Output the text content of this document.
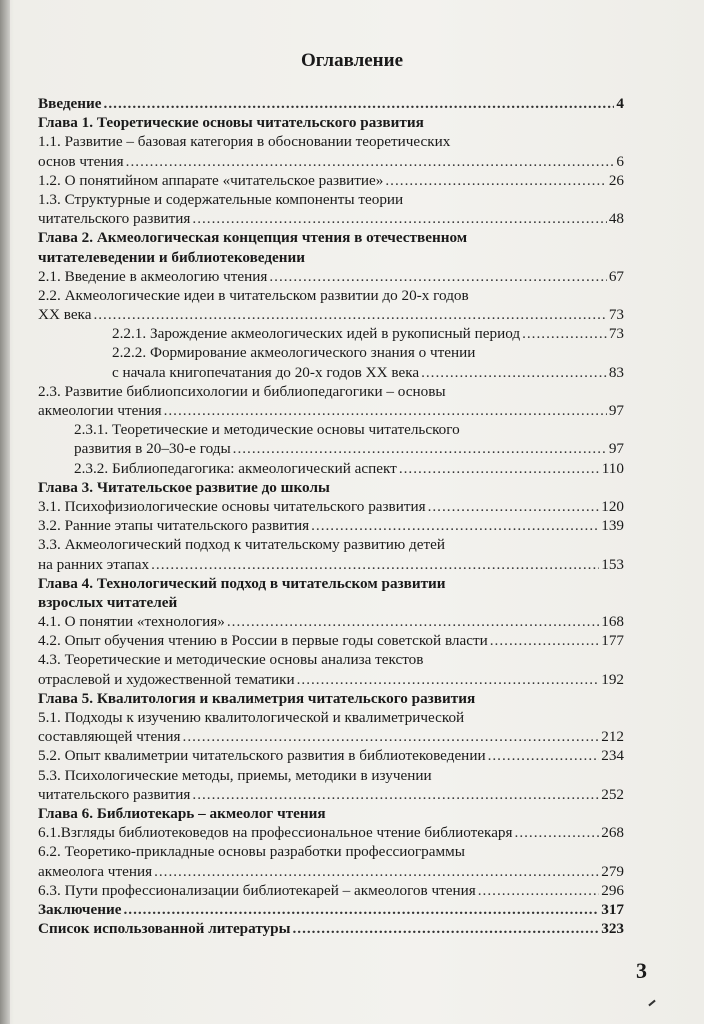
Оглавление
Введение .....	4
Глава 1. Теоретические основы читательского развития
1.1. Развитие – базовая категория в обосновании теоретических
основ чтения .....	6
1.2. О понятийном аппарате «читательское развитие» .....	26
1.3. Структурные и содержательные компоненты теории
читательского развития .....	48
Глава 2. Акмеологическая концепция чтения в отечественном
читателеведении и библиотековедении
2.1. Введение в акмеологию чтения .....	67
2.2. Акмеологические идеи в читательском развитии до 20-х годов
XX века .....	73
2.2.1. Зарождение акмеологических идей в рукописный период .....	73
2.2.2. Формирование акмеологического знания о чтении
с начала книгопечатания до 20-х годов XX века .....	83
2.3. Развитие библиопсихологии и библиопедагогики – основы
акмеологии чтения .....	97
2.3.1. Теоретические и методические основы читательского
развития в 20–30-е годы .....	97
2.3.2. Библиопедагогика: акмеологический аспект .....	110
Глава 3. Читательское развитие до школы
3.1. Психофизиологические основы читательского развития .....	120
3.2. Ранние этапы читательского развития .....	139
3.3. Акмеологический подход к читательскому развитию детей
на ранних этапах .....	153
Глава 4. Технологический подход в читательском развитии
взрослых читателей
4.1. О понятии «технология» .....	168
4.2. Опыт обучения чтению в России в первые годы советской власти .....	177
4.3. Теоретические и методические основы анализа текстов
отраслевой и художественной тематики .....	192
Глава 5. Квалитология и квалиметрия читательского развития
5.1. Подходы к изучению квалитологической и квалиметрической
составляющей чтения .....	212
5.2. Опыт квалиметрии читательского развития в библиотековедении .....	234
5.3. Психологические методы, приемы, методики в изучении
читательского развития .....	252
Глава 6. Библиотекарь – акмеолог чтения
6.1.Взгляды библиотековедов на профессиональное чтение библиотекаря .....	268
6.2. Теоретико-прикладные основы разработки профессиограммы
акмеолога чтения .....	279
6.3. Пути профессионализации библиотекарей – акмеологов чтения .....	296
Заключение .....	317
Список использованной литературы .....	323
3
